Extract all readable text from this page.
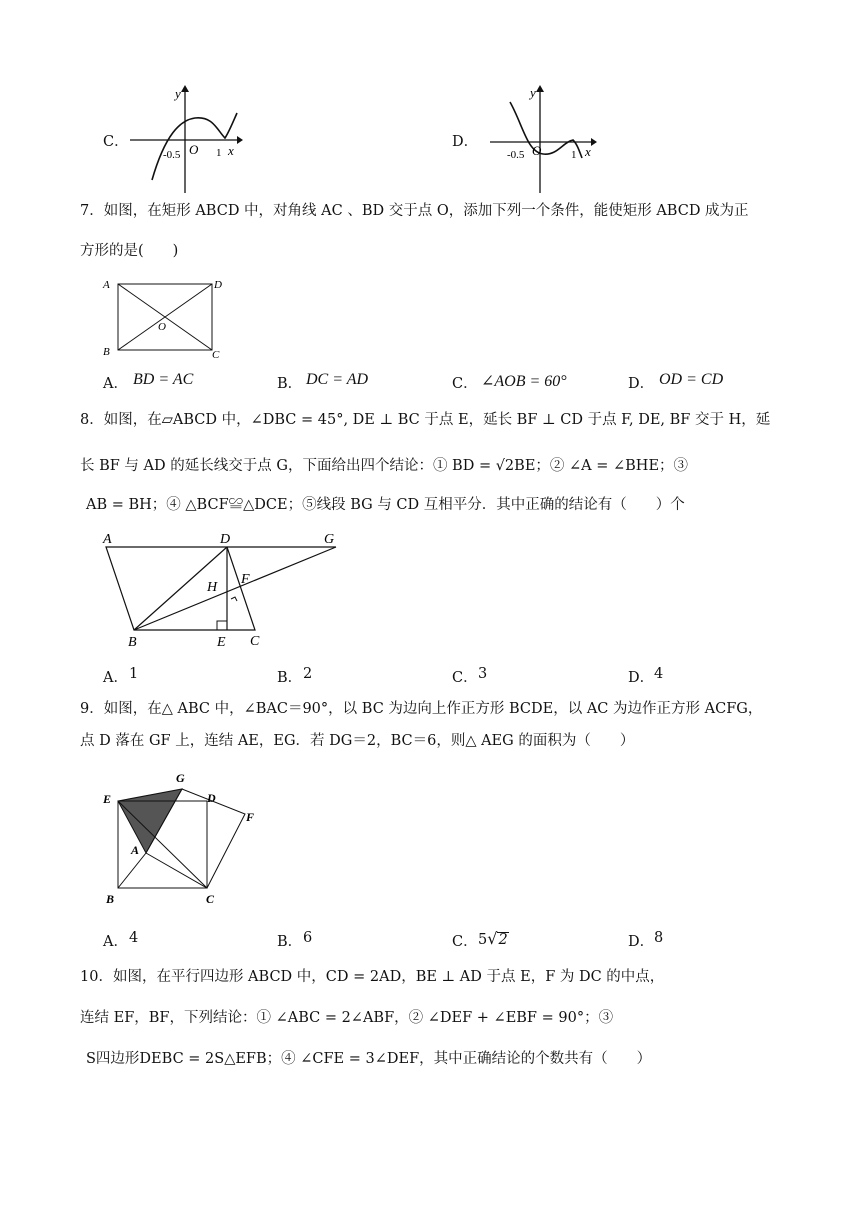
C．
y
x
O
-0.5	1
D．
y
x
O
-0.5	1
7．如图，在矩形 ABCD 中，对角线 AC 、BD 交于点 O，添加下列一个条件，能使矩形 ABCD 成为正
方形的是(　　)
A	D
B	C
O
A． BD = AC	B． DC = AD	C． ∠AOB = 60°	D． OD = CD
8．如图，在▱ABCD 中，∠DBC = 45°, DE ⊥ BC 于点 E，延长 BF ⊥ CD 于点 F, DE, BF 交于 H，延
长 BF 与 AD 的延长线交于点 G，下面给出四个结论：① BD = √2BE；② ∠A = ∠BHE；③
AB = BH；④ △BCF≌△DCE；⑤线段 BG 与 CD 互相平分．其中正确的结论有（　　）个
A	D	G
H
F
B	E C
A． 1	B． 2	C． 3	D． 4
9．如图，在△ ABC 中，∠BAC＝90°，以 BC 为边向上作正方形 BCDE，以 AC 为边作正方形 ACFG，
点 D 落在 GF 上，连结 AE，EG．若 DG＝2，BC＝6，则△ AEG 的面积为（　　）
G
E	D
F
A
B	C
A． 4	B． 6	C． 5√2	D． 8
10．如图，在平行四边形 ABCD 中，CD = 2AD，BE ⊥ AD 于点 E，F 为 DC 的中点，
连结 EF，BF，下列结论：① ∠ABC = 2∠ABF，② ∠DEF + ∠EBF = 90°；③
S四边形DEBC = 2S△EFB；④ ∠CFE = 3∠DEF，其中正确结论的个数共有（　　）
